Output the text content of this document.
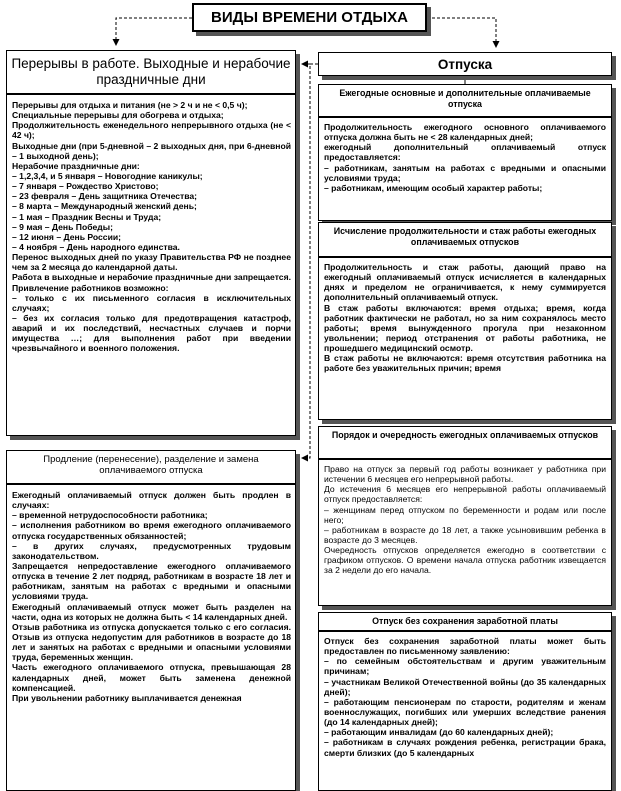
ВИДЫ ВРЕМЕНИ ОТДЫХА
Перерывы в работе. Выходные и нерабочие праздничные дни

Перерывы для отдыха и питания (не > 2 ч и не < 0,5 ч);

Специальные перерывы для обогрева и отдыха;

Продолжительность еженедельного непрерывного отдыха (не < 42 ч);

Выходные дни (при 5-дневной – 2 выходных дня, при 6-дневной – 1 выходной день);

Нерабочие праздничные дни:

– 1,2,3,4, и 5 января – Новогодние каникулы;

– 7 января – Рождество Христово;

– 23 февраля – День защитника Отечества;

– 8 марта – Международный женский день;

– 1 мая – Праздник Весны и Труда;

– 9 мая – День Победы;

– 12 июня – День России;

– 4 ноября – День народного единства.

Перенос выходных дней по указу Правительства РФ не позднее чем за 2 месяца до календарной даты.

Работа в выходные и нерабочие праздничные дни запрещается. Привлечение работников возможно:

– только с их письменного согласия в исключительных случаях;

– без их согласия только для предотвращения катастроф, аварий и их последствий, несчастных случаев и порчи имущества …; для выполнения работ при введении чрезвычайного и военного положения.

Продление (перенесение), разделение и замена оплачиваемого отпуска

Ежегодный оплачиваемый отпуск должен быть продлен в случаях:

– временной нетрудоспособности работника;

– исполнения работником во время ежегодного оплачиваемого отпуска государственных обязанностей;

– в других случаях, предусмотренных трудовым законодательством.

Запрещается непредоставление ежегодного оплачиваемого отпуска в течение 2 лет подряд, работникам в возрасте 18 лет и работникам, занятым на работах с вредными и опасными условиями труда.

Ежегодный оплачиваемый отпуск может быть разделен на части, одна из которых не должна быть < 14 календарных дней.

Отзыв работника из отпуска допускается только с его согласия. Отзыв из отпуска недопустим для работников в возрасте до 18 лет и занятых на работах с вредными и опасными условиями труда, беременных женщин.

Часть ежегодного оплачиваемого отпуска, превышающая 28 календарных дней, может быть заменена денежной компенсацией.

При увольнении работнику выплачивается денежная

Отпуска
Ежегодные основные и дополнительные оплачиваемые отпуска

Продолжительность ежегодного основного оплачиваемого отпуска должна быть не < 28 календарных дней;

ежегодный дополнительный оплачиваемый отпуск предоставляется:

– работникам, занятым на работах с вредными и опасными условиями труда;

– работникам, имеющим особый характер работы;

Исчисление продолжительности и стаж работы ежегодных оплачиваемых отпусков

Продолжительность и стаж работы, дающий право на ежегодный оплачиваемый отпуск исчисляется в календарных днях и пределом не ограничивается, к нему суммируется дополнительный оплачиваемый отпуск.

В стаж работы включаются: время отдыха; время, когда работник фактически не работал, но за ним сохранялось место работы; время вынужденного прогула при незаконном увольнении; период отстранения от работы работника, не прошедшего медицинский осмотр.

В стаж работы не включаются: время отсутствия работника на работе без уважительных причин; время

Порядок и очередность ежегодных оплачиваемых отпусков

Право на отпуск за первый год работы возникает у работника при истечении 6 месяцев его непрерывной работы.

До истечения 6 месяцев его непрерывной работы оплачиваемый отпуск предоставляется:

– женщинам перед отпуском по беременности и родам или после него;

– работникам в возрасте до 18 лет, а также усыновившим ребенка в возрасте до 3 месяцев.

Очередность отпусков определяется ежегодно в соответствии с графиком отпусков. О времени начала отпуска работник извещается за 2 недели до его начала.

Отпуск без сохранения заработной платы

Отпуск без сохранения заработной платы может быть предоставлен по письменному заявлению:

– по семейным обстоятельствам и другим уважительным причинам;

– участникам Великой Отечественной войны (до 35 календарных дней);

– работающим пенсионерам по старости, родителям и женам военнослужащих, погибших или умерших вследствие ранения (до 14 календарных дней);

– работающим инвалидам (до 60 календарных дней);

– работникам в случаях рождения ребенка, регистрации брака, смерти близких (до 5 календарных
